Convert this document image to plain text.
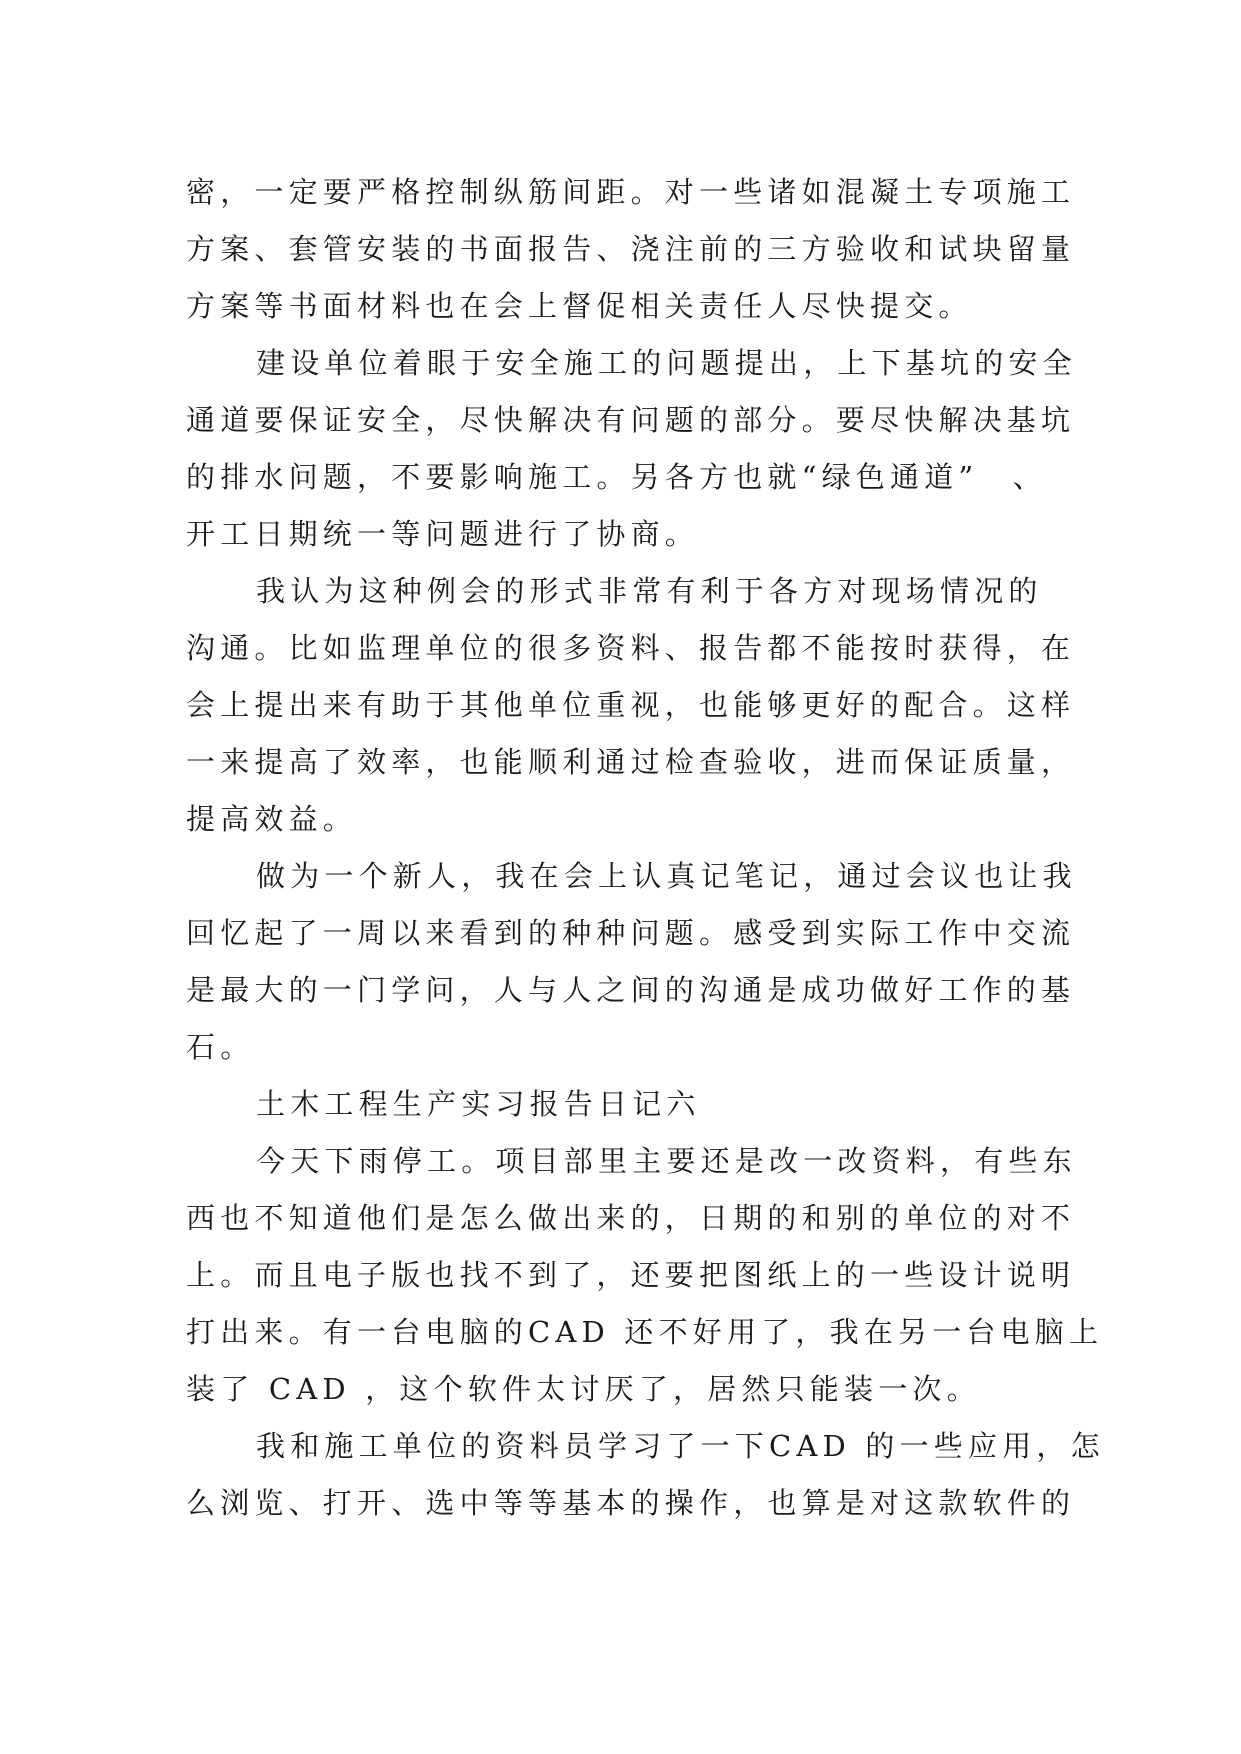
密，一定要严格控制纵筋间距。对一些诸如混凝土专项施工
方案、套管安装的书面报告、浇注前的三方验收和试块留量
方案等书面材料也在会上督促相关责任人尽快提交。
建设单位着眼于安全施工的问题提出，上下基坑的安全
通道要保证安全，尽快解决有问题的部分。要尽快解决基坑
的排水问题，不要影响施工。另各方也就“绿色通道”　、
开工日期统一等问题进行了协商。
我认为这种例会的形式非常有利于各方对现场情况的
沟通。比如监理单位的很多资料、报告都不能按时获得，在
会上提出来有助于其他单位重视，也能够更好的配合。这样
一来提高了效率，也能顺利通过检查验收，进而保证质量，
提高效益。
做为一个新人，我在会上认真记笔记，通过会议也让我
回忆起了一周以来看到的种种问题。感受到实际工作中交流
是最大的一门学问，人与人之间的沟通是成功做好工作的基
石。
土木工程生产实习报告日记六
今天下雨停工。项目部里主要还是改一改资料，有些东
西也不知道他们是怎么做出来的，日期的和别的单位的对不
上。而且电子版也找不到了，还要把图纸上的一些设计说明
打出来。有一台电脑的CAD 还不好用了，我在另一台电脑上
装了 CAD ，这个软件太讨厌了，居然只能装一次。
我和施工单位的资料员学习了一下CAD 的一些应用，怎
么浏览、打开、选中等等基本的操作，也算是对这款软件的
